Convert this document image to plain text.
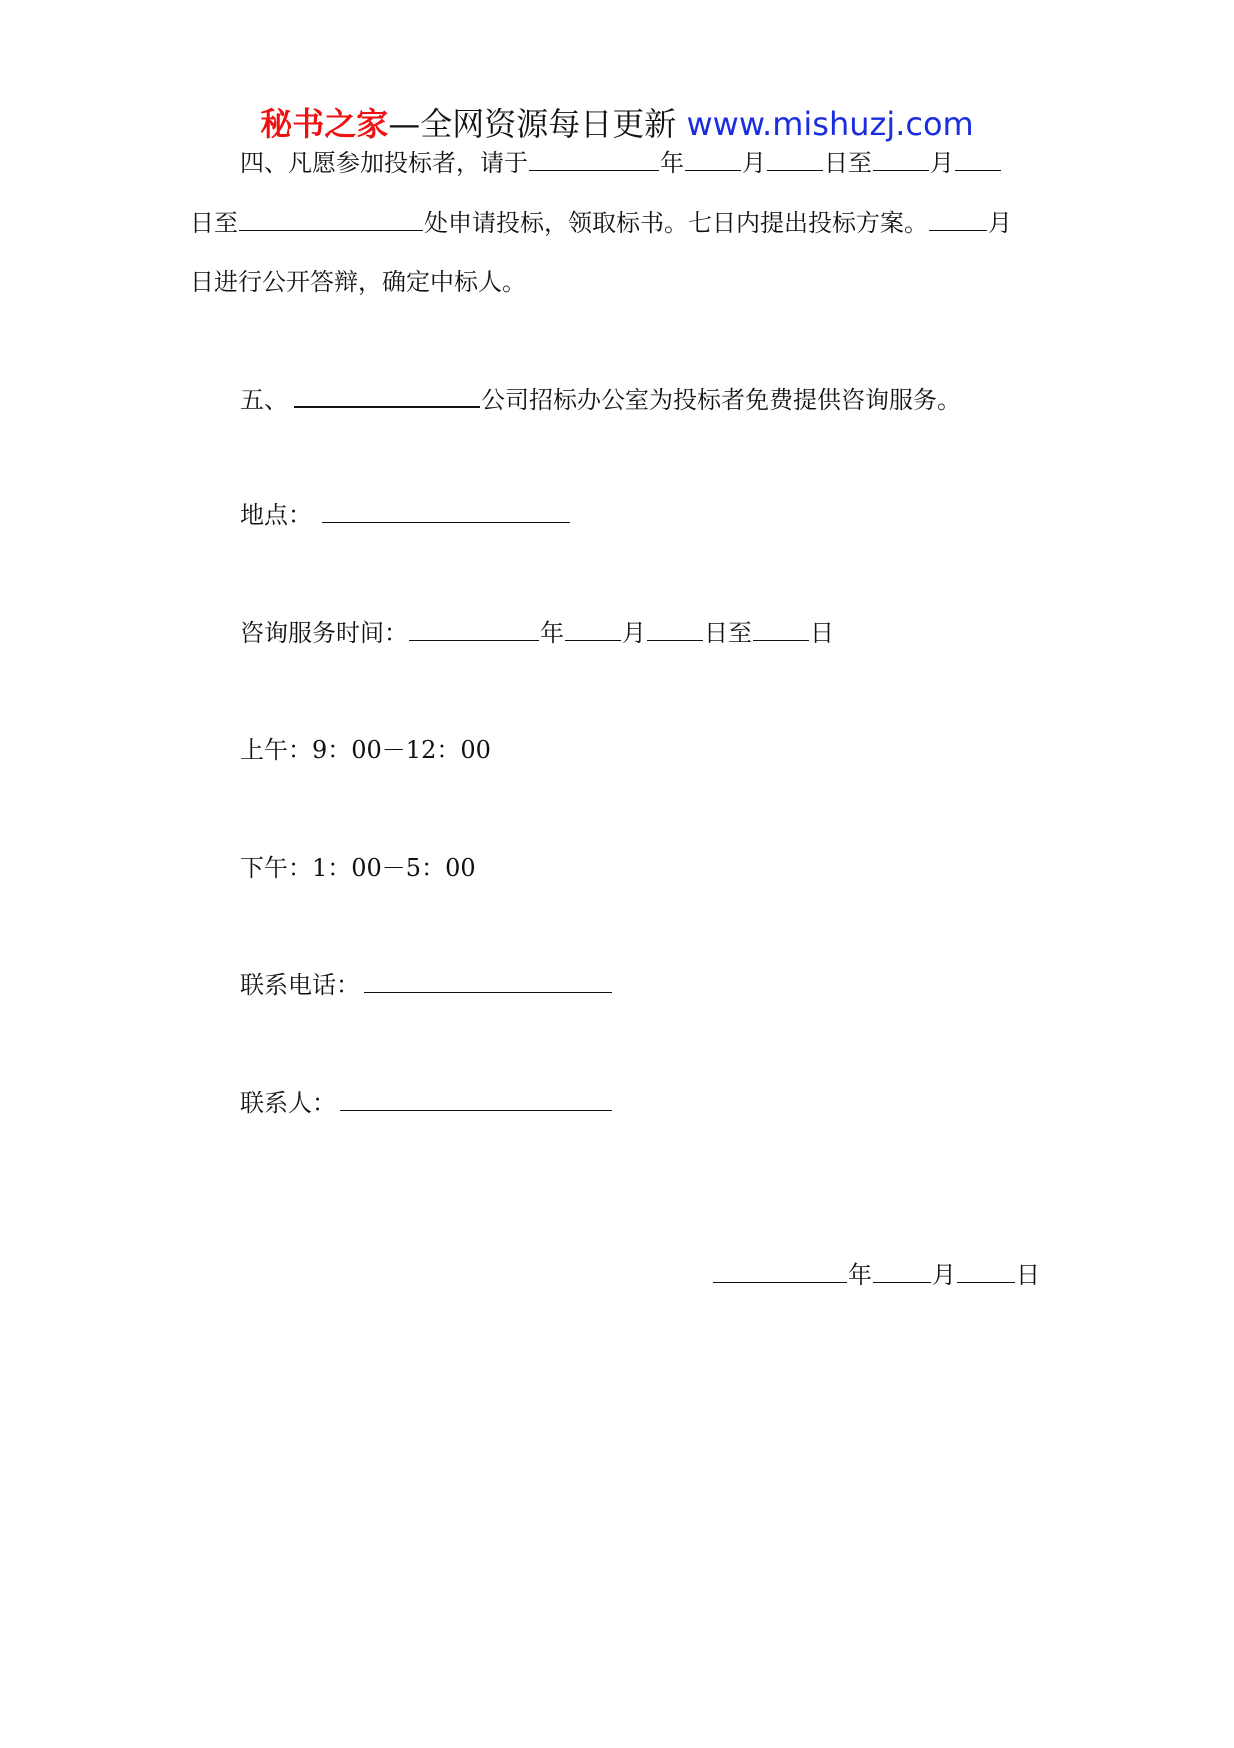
秘书之家—全网资源每日更新 www.mishuzj.com
四、凡愿参加投标者，请于	年 月 日至 月
日至	处申请投标，领取标书。七日内提出投标方案。	月
日进行公开答辩，确定中标人。
五、	公司招标办公室为投标者免费提供咨询服务。
地点：
咨询服务时间：	年 月 日至 日
上午：9：00－12：00
下午：1：00－5：00
联系电话：
联系人：
年	月	日
